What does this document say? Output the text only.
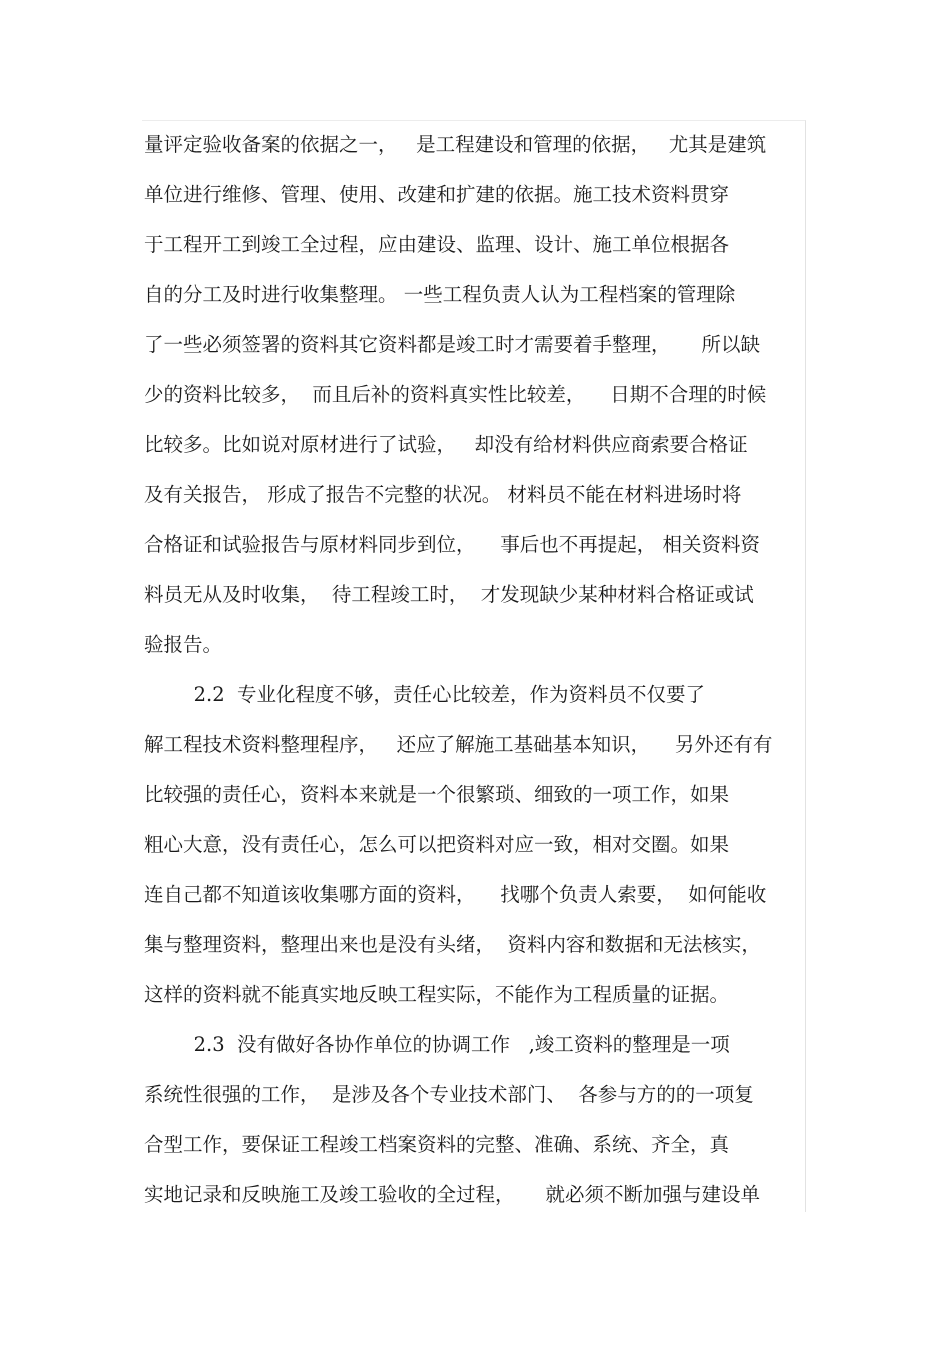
量评定验收备案的依据之一，   是工程建设和管理的依据，   尤其是建筑
单位进行维修、管理、使用、改建和扩建的依据。施工技术资料贯穿
于工程开工到竣工全过程，应由建设、监理、设计、施工单位根据各
自的分工及时进行收集整理。 一些工程负责人认为工程档案的管理除
了一些必须签署的资料其它资料都是竣工时才需要着手整理，     所以缺
少的资料比较多，  而且后补的资料真实性比较差，    日期不合理的时候
比较多。比如说对原材进行了试验，   却没有给材料供应商索要合格证
及有关报告， 形成了报告不完整的状况。 材料员不能在材料进场时将
合格证和试验报告与原材料同步到位，    事后也不再提起， 相关资料资
料员无从及时收集，  待工程竣工时，  才发现缺少某种材料合格证或试
验报告。
2.2  专业化程度不够，责任心比较差，作为资料员不仅要了
解工程技术资料整理程序，   还应了解施工基础基本知识，    另外还有有
比较强的责任心，资料本来就是一个很繁琐、细致的一项工作，如果
粗心大意，没有责任心，怎么可以把资料对应一致，相对交圈。如果
连自己都不知道该收集哪方面的资料，    找哪个负责人索要，  如何能收
集与整理资料，整理出来也是没有头绪，  资料内容和数据和无法核实，
这样的资料就不能真实地反映工程实际，不能作为工程质量的证据。
2.3  没有做好各协作单位的协调工作   ,竣工资料的整理是一项
系统性很强的工作，  是涉及各个专业技术部门、  各参与方的的一项复
合型工作，要保证工程竣工档案资料的完整、准确、系统、齐全，真
实地记录和反映施工及竣工验收的全过程，     就必须不断加强与建设单
